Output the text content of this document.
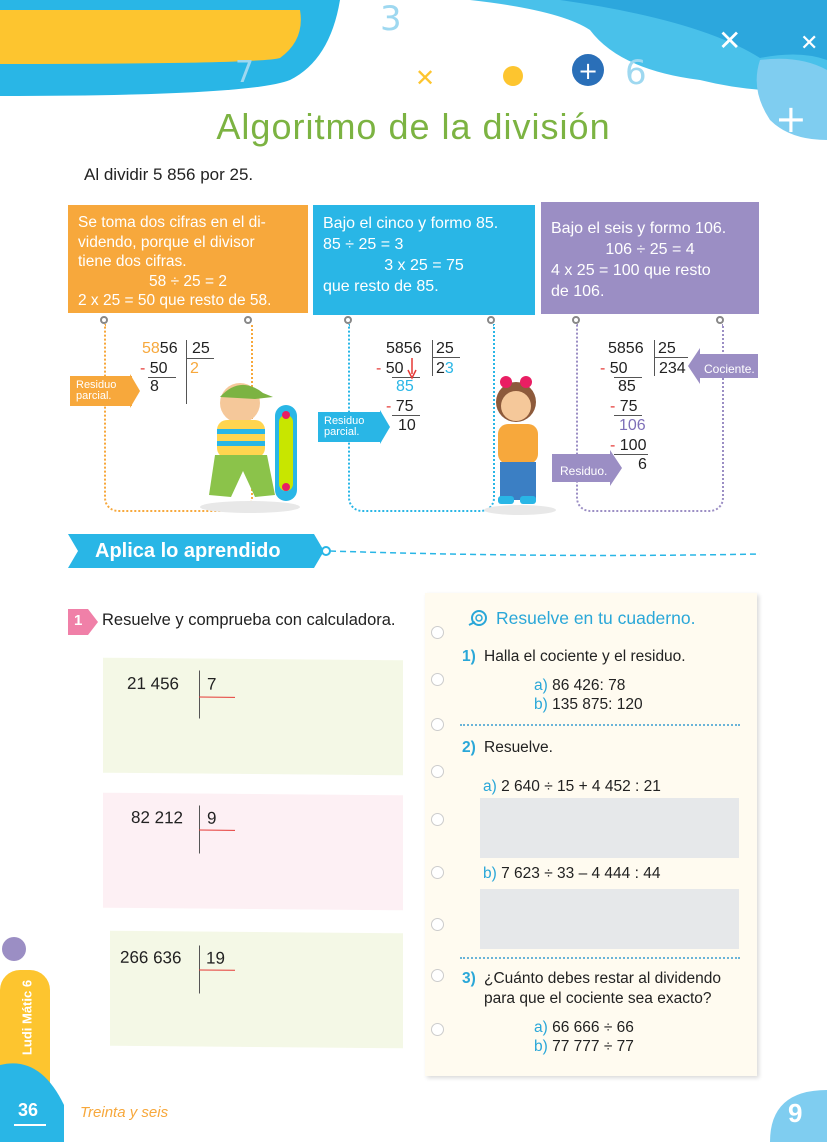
3
6
7
✕
✕ +	+
÷
+
✕
Algoritmo de la división
Al dividir 5 856 por 25.
Se toma dos cifras en el di-
videndo, porque el divisor
tiene dos cifras.
58 ÷ 25 = 2
2 x 25 = 50 que resto de 58.
5856 25
- 50 2
8
Residuo
parcial.
Bajo el cinco y formo 85.
85 ÷ 25 = 3
3 x 25 = 75
que resto de 85.
5856 25
- 50 23
85
- 75
10
Residuo
parcial.
Bajo el seis y formo 106.
106 ÷ 25 = 4
4 x 25 = 100 que resto
de 106.
5856 25
- 50 234
85
- 75
106
- 100
6
Cociente.
Residuo.
Aplica lo aprendido
1 Resuelve y comprueba con calculadora.
21 456 7
82 212 9
266 636 19
Resuelve en tu cuaderno.
1) Halla el cociente y el residuo.
a) 86 426: 78
b) 135 875: 120
2) Resuelve.
a) 2 640 ÷ 15 + 4 452 : 21
b) 7 623 ÷ 33 – 4 444 : 44
3) ¿Cuánto debes restar al dividendo
para que el cociente sea exacto?
a) 66 666 ÷ 66
b) 77 777 ÷ 77
Ludi Mátic 6
36	Treinta y seis	9
